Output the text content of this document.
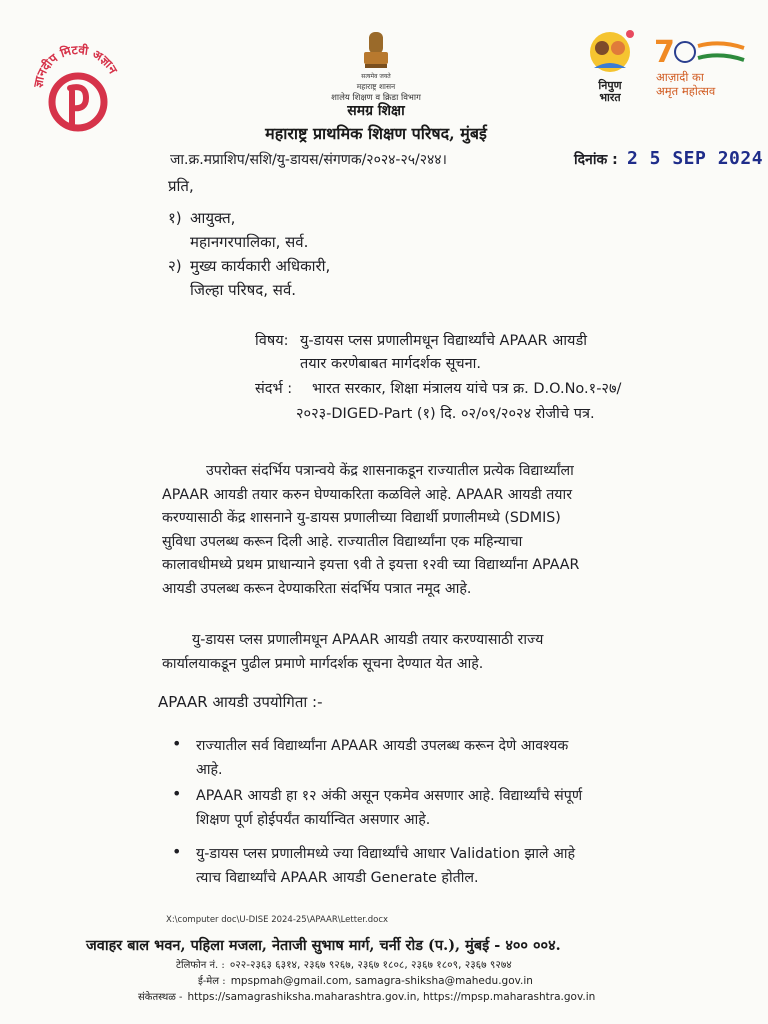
ज्ञानदीप मिटवी अज्ञान
सत्यमेव जयते
महाराष्ट्र शासन
शालेय शिक्षण व क्रिडा विभाग
समग्र शिक्षा
महाराष्ट्र प्राथमिक शिक्षण परिषद, मुंबई
निपुण
भारत
7
आज़ादी का
अमृत महोत्सव
जा.क्र.मप्राशिप/सशि/यु-डायस/संगणक/२०२४-२५/२४४।	दिनांक : 2 5 SEP 2024
प्रति,
१) आयुक्त,
महानगरपालिका, सर्व.
२) मुख्य कार्यकारी अधिकारी,
जिल्हा परिषद, सर्व.
विषय: यु-डायस प्लस प्रणालीमधून विद्यार्थ्यांचे APAAR आयडी
तयार करणेबाबत मार्गदर्शक सूचना.
संदर्भ : भारत सरकार, शिक्षा मंत्रालय यांचे पत्र क्र. D.O.No.१-२७/
२०२३-DIGED-Part (१) दि. ०२/०९/२०२४ रोजीचे पत्र.
उपरोक्त संदर्भिय पत्रान्वये केंद्र शासनाकडून राज्यातील प्रत्येक विद्यार्थ्यांला
APAAR आयडी तयार करुन घेण्याकरिता कळविले आहे. APAAR आयडी तयार
करण्यासाठी केंद्र शासनाने यु-डायस प्रणालीच्या विद्यार्थी प्रणालीमध्ये (SDMIS)
सुविधा उपलब्ध करून दिली आहे. राज्यातील विद्यार्थ्यांना एक महिन्याचा
कालावधीमध्ये प्रथम प्राधान्याने इयत्ता ९वी ते इयत्ता १२वी च्या विद्यार्थ्यांना APAAR
आयडी उपलब्ध करून देण्याकरिता संदर्भिय पत्रात नमूद आहे.
यु-डायस प्लस प्रणालीमधून APAAR आयडी तयार करण्यासाठी राज्य
कार्यालयाकडून पुढील प्रमाणे मार्गदर्शक सूचना देण्यात येत आहे.
APAAR आयडी उपयोगिता :-
• राज्यातील सर्व विद्यार्थ्यांना APAAR आयडी उपलब्ध करून देणे आवश्यक
आहे.
• APAAR आयडी हा १२ अंकी असून एकमेव असणार आहे. विद्यार्थ्यांचे संपूर्ण
शिक्षण पूर्ण होईपर्यंत कार्यान्वित असणार आहे.
• यु-डायस प्लस प्रणालीमध्ये ज्या विद्यार्थ्यांचे आधार Validation झाले आहे
त्याच विद्यार्थ्यांचे APAAR आयडी Generate होतील.
X:\computer doc\U-DISE 2024-25\APAAR\Letter.docx
जवाहर बाल भवन, पहिला मजला, नेताजी सुभाष मार्ग, चर्नी रोड (प.), मुंबई - ४०० ००४.
टेलिफोन नं. : ०२२-२३६३ ६३१४, २३६७ ९२६७, २३६७ १८०८, २३६७ १८०९, २३६७ ९२७४
ई-मेल : mpspmah@gmail.com, samagra-shiksha@mahedu.gov.in
संकेतस्थळ - https://samagrashiksha.maharashtra.gov.in, https://mpsp.maharashtra.gov.in
